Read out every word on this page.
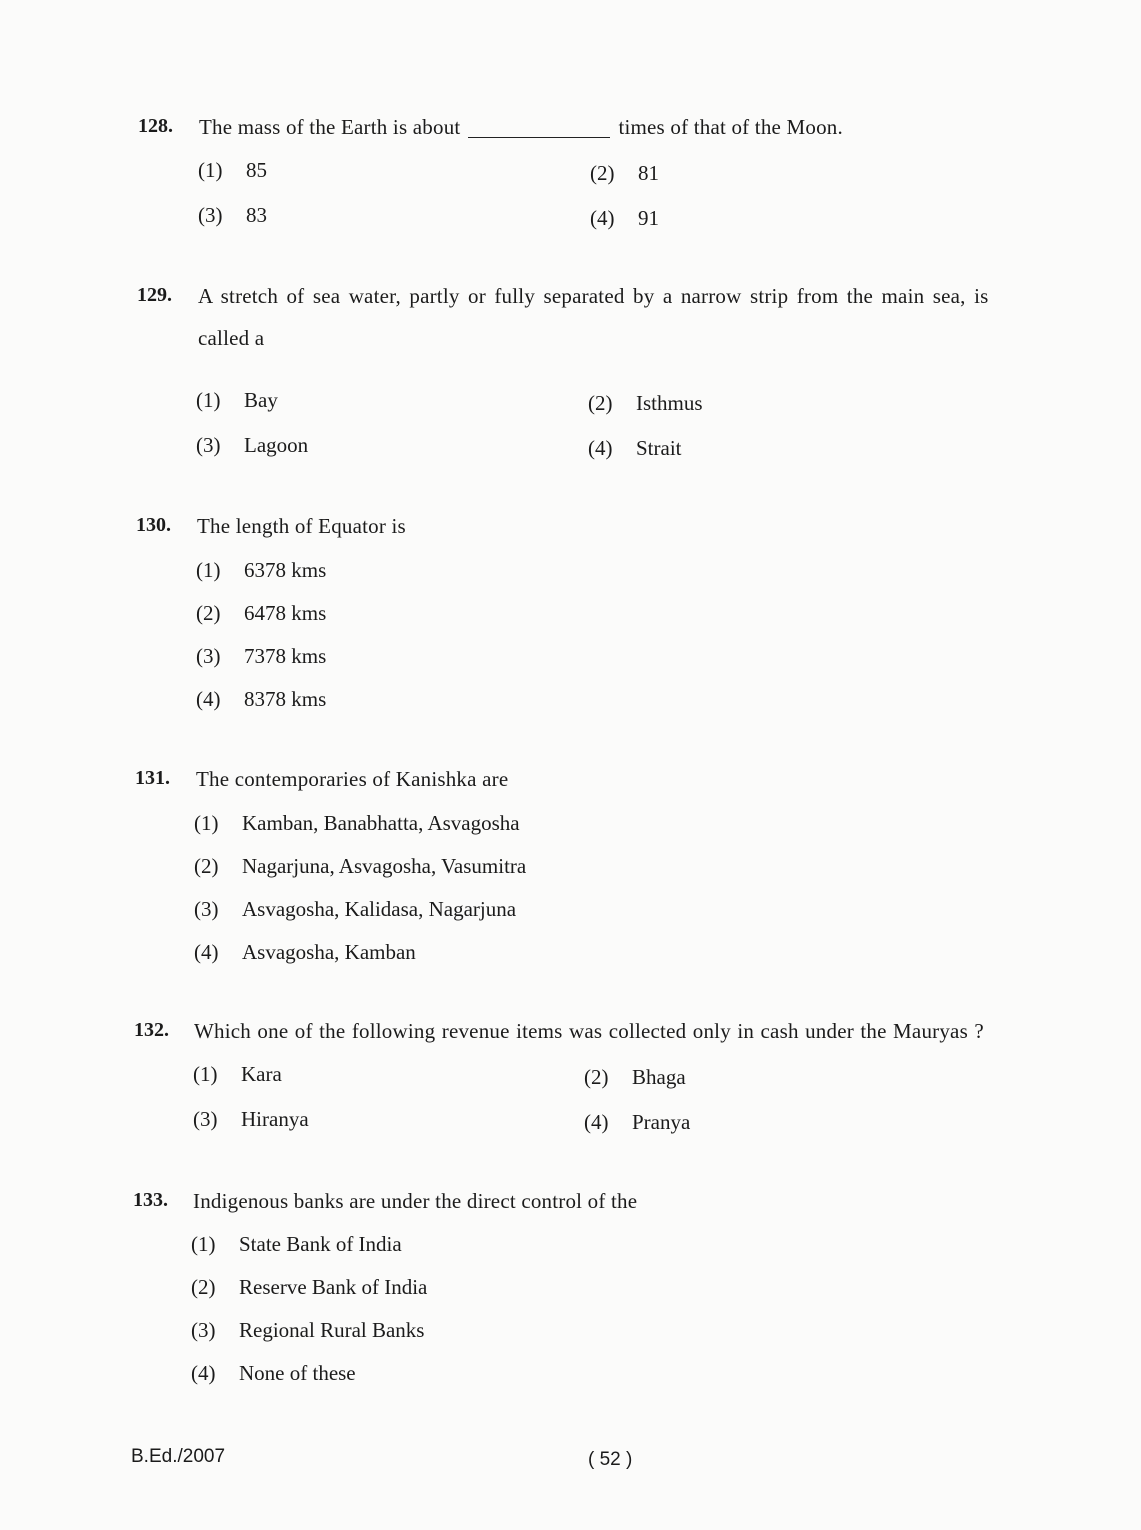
128. The mass of the Earth is about	times of that of the Moon.
(1) 85	(2) 81
(3) 83	(4) 91
129. A stretch of sea water, partly or fully separated by a narrow strip from the main sea, is
called a
(1) Bay	(2) Isthmus
(3) Lagoon	(4) Strait
130. The length of Equator is
(1) 6378 kms
(2) 6478 kms
(3) 7378 kms
(4) 8378 kms
131. The contemporaries of Kanishka are
(1) Kamban, Banabhatta, Asvagosha
(2) Nagarjuna, Asvagosha, Vasumitra
(3) Asvagosha, Kalidasa, Nagarjuna
(4) Asvagosha, Kamban
132. Which one of the following revenue items was collected only in cash under the Mauryas ?
(1) Kara	(2) Bhaga
(3) Hiranya	(4) Pranya
133. Indigenous banks are under the direct control of the
(1) State Bank of India
(2) Reserve Bank of India
(3) Regional Rural Banks
(4) None of these
B.Ed./2007	( 52 )
